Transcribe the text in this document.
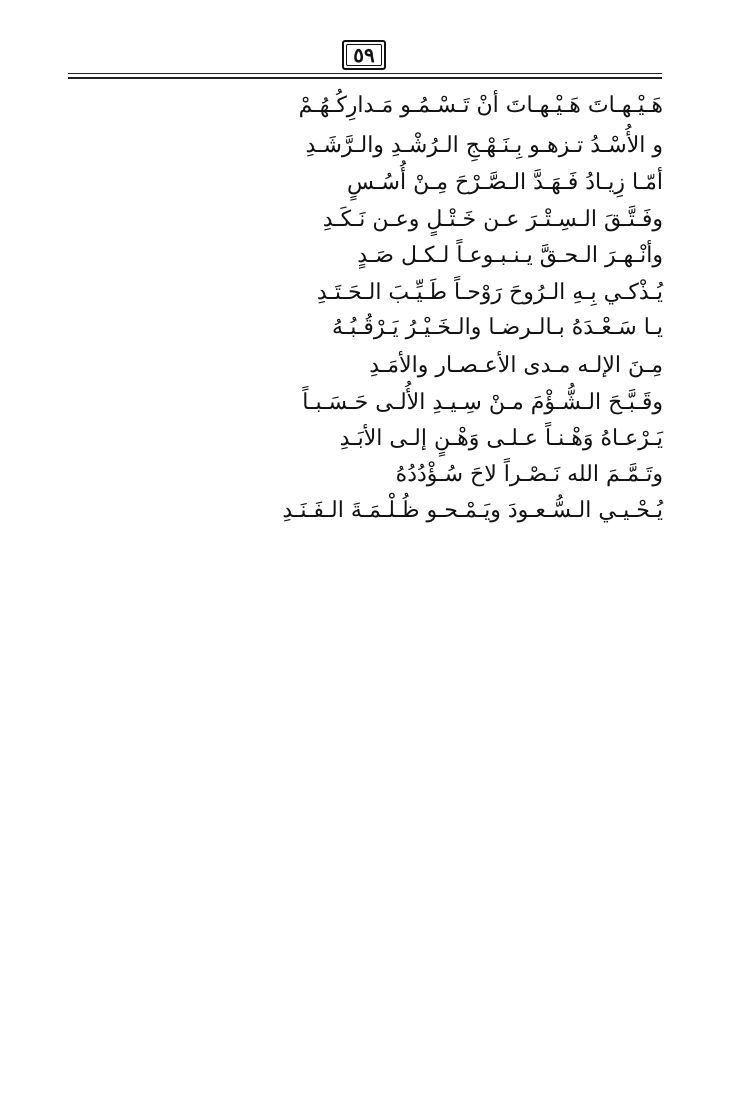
٥٩
هَـيْـهـاتَ هَـيْـهـاتَ أنْ تَـسْـمُـو مَـدارِكُـهُـمْ
و الأُسْـدُ تـزهـو بِـنَـهْـجِ الـرُشْـدِ والـرَّشَـدِ
أمّـا زِيـادُ فَـهَـدَّ الـصَّـرْحَ مِـنْ أُسُـسٍ
وفَـتَّـقَ الـسِـتْـرَ عـن خَـتْـلٍ وعـن نَـكَـدِ
وأنْـهـرَ الـحـقَّ يـنـبـوعـاً لـكـل صَـدٍ
يُـذْكـي بِـهِ الـرُوحَ رَوْحـاً طَـيِّـبَ الـحَـتَـدِ
يـا سَـعْـدَهُ بـالـرضـا والـخَـيْـرُ يَـرْقُـبُـهُ
مِـنَ الإلـه مـدى الأعـصـار والأمَـدِ
وقَـبَّـحَ الـشُّـؤْمَ مـنْ سِـيـدِ الأُلـى حَـسَـبـاً
يَـرْعـاهُ وَهْـنـاً عـلـى وَهْـنٍ إلـى الأبَـدِ
وتَـمَّـمَ الله نَـصْـراً لاحَ سُـؤْدُدُهُ
يُـحْـيـي الـسُّـعـودَ ويَـمْـحـو ظُـلْـمَـةَ الـفَـنَـدِ
